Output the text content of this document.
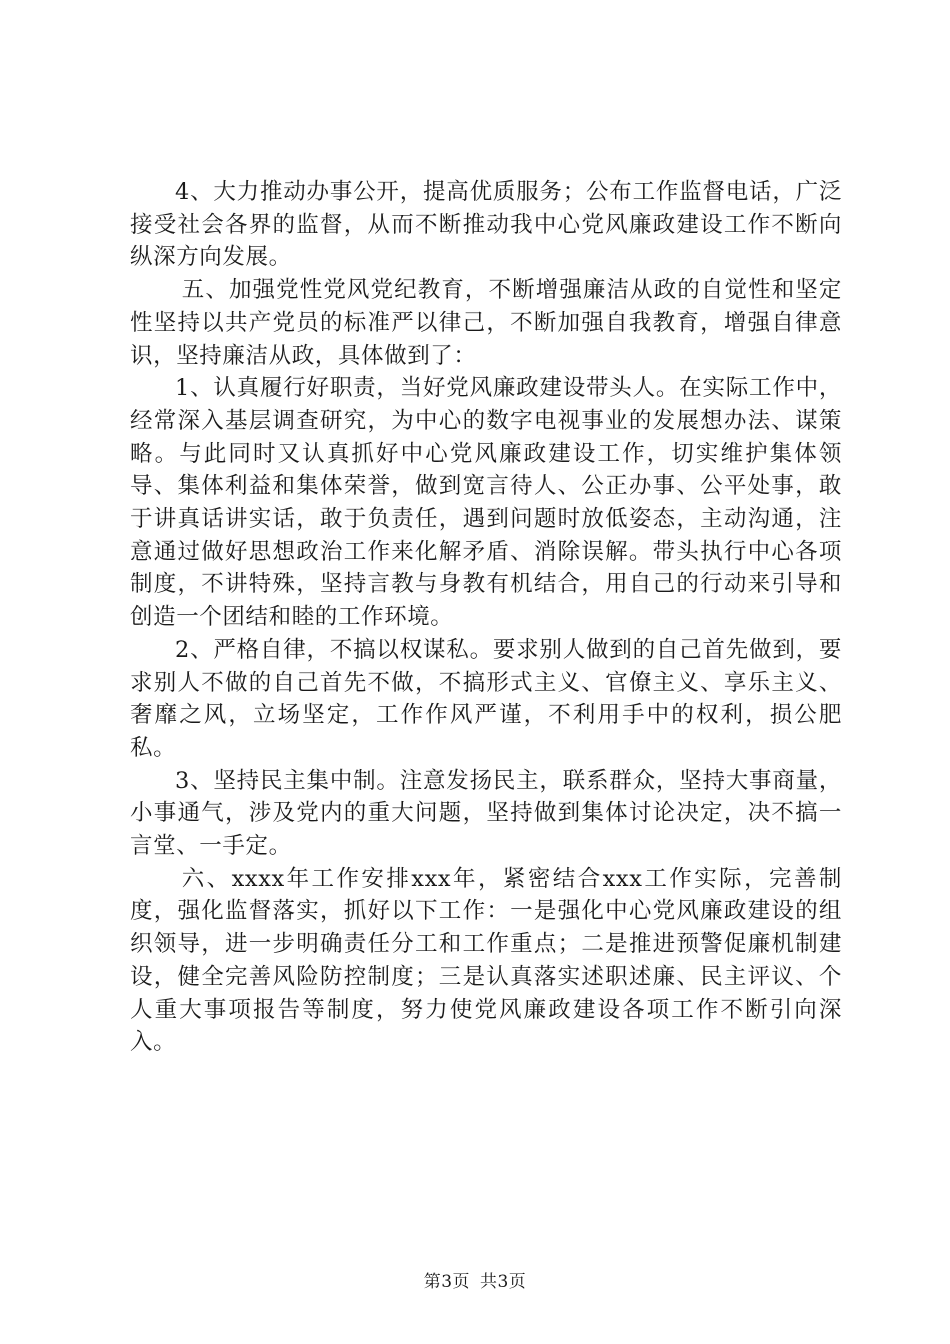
4、大力推动办事公开，提高优质服务；公布工作监督电话，广泛接受社会各界的监督，从而不断推动我中心党风廉政建设工作不断向纵深方向发展。

五、加强党性党风党纪教育，不断增强廉洁从政的自觉性和坚定性坚持以共产党员的标准严以律己，不断加强自我教育，增强自律意识，坚持廉洁从政，具体做到了：

1、认真履行好职责，当好党风廉政建设带头人。在实际工作中，经常深入基层调查研究，为中心的数字电视事业的发展想办法、谋策略。与此同时又认真抓好中心党风廉政建设工作，切实维护集体领导、集体利益和集体荣誉，做到宽言待人、公正办事、公平处事，敢于讲真话讲实话，敢于负责任，遇到问题时放低姿态，主动沟通，注意通过做好思想政治工作来化解矛盾、消除误解。带头执行中心各项制度，不讲特殊，坚持言教与身教有机结合，用自己的行动来引导和创造一个团结和睦的工作环境。

2、严格自律，不搞以权谋私。要求别人做到的自己首先做到，要求别人不做的自己首先不做，不搞形式主义、官僚主义、享乐主义、奢靡之风，立场坚定，工作作风严谨，不利用手中的权利，损公肥私。

3、坚持民主集中制。注意发扬民主，联系群众，坚持大事商量，小事通气，涉及党内的重大问题，坚持做到集体讨论决定，决不搞一言堂、一手定。

六、xxxx年工作安排xxx年，紧密结合xxx工作实际，完善制度，强化监督落实，抓好以下工作：一是强化中心党风廉政建设的组织领导，进一步明确责任分工和工作重点；二是推进预警促廉机制建设，健全完善风险防控制度；三是认真落实述职述廉、民主评议、个人重大事项报告等制度，努力使党风廉政建设各项工作不断引向深入。

第3页 共3页
